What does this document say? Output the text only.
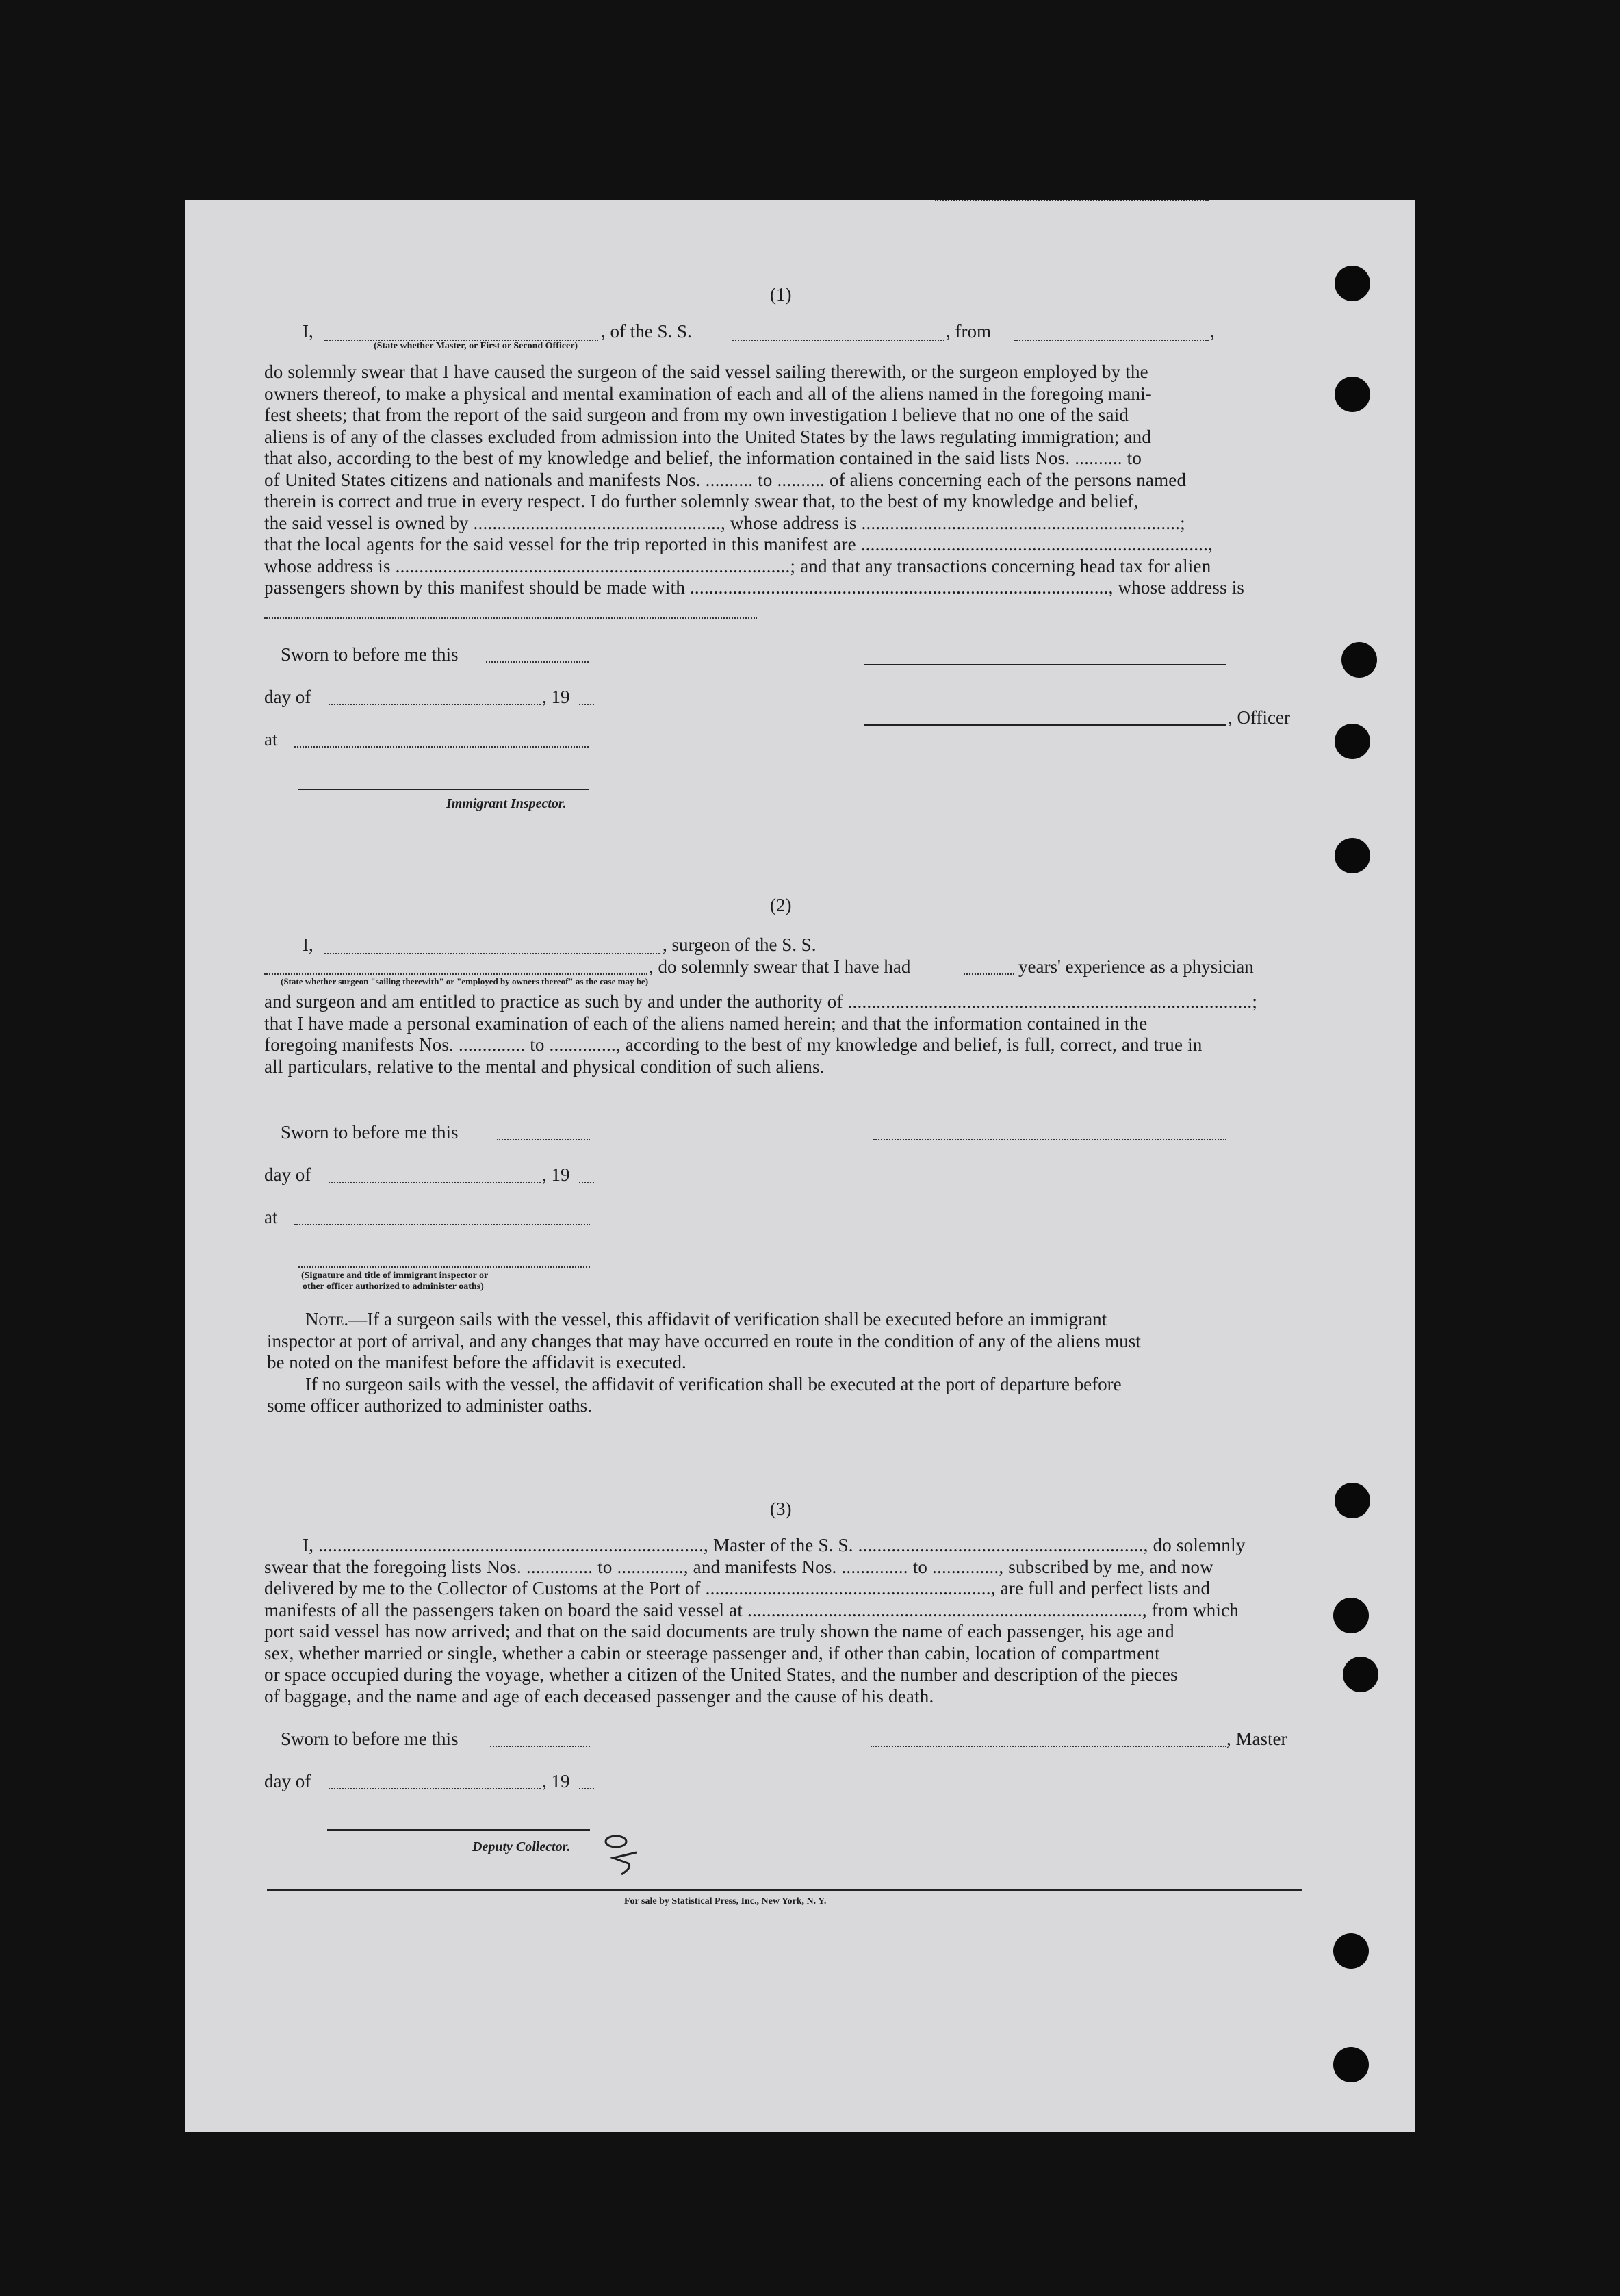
(1)
I,	, of the S. S.	, from	,
(State whether Master, or First or Second Officer)
do solemnly swear that I have caused the surgeon of the said vessel sailing therewith, or the surgeon employed by the
owners thereof, to make a physical and mental examination of each and all of the aliens named in the foregoing mani-
fest sheets; that from the report of the said surgeon and from my own investigation I believe that no one of the said
aliens is of any of the classes excluded from admission into the United States by the laws regulating immigration; and
that also, according to the best of my knowledge and belief, the information contained in the said lists Nos. .......... to
of United States citizens and nationals and manifests Nos. .......... to .......... of aliens concerning each of the persons named
therein is correct and true in every respect. I do further solemnly swear that, to the best of my knowledge and belief,
the said vessel is owned by ...................................................., whose address is ...................................................................;
that the local agents for the said vessel for the trip reported in this manifest are .........................................................................,
whose address is ...................................................................................; and that any transactions concerning head tax for alien
passengers shown by this manifest should be made with ........................................................................................, whose address is
Sworn to before me this
day of	, 19
, Officer
at
Immigrant Inspector.
(2)
I,	, surgeon of the S. S.
, do solemnly swear that I have had	years' experience as a physician
(State whether surgeon "sailing therewith" or "employed by owners thereof" as the case may be)
and surgeon and am entitled to practice as such by and under the authority of .....................................................................................;
that I have made a personal examination of each of the aliens named herein; and that the information contained in the
foregoing manifests Nos. .............. to .............., according to the best of my knowledge and belief, is full, correct, and true in
all particulars, relative to the mental and physical condition of such aliens.
Sworn to before me this
day of	, 19
at
(Signature and title of immigrant inspector or
other officer authorized to administer oaths)
Note.—If a surgeon sails with the vessel, this affidavit of verification shall be executed before an immigrant
inspector at port of arrival, and any changes that may have occurred en route in the condition of any of the aliens must
be noted on the manifest before the affidavit is executed.
If no surgeon sails with the vessel, the affidavit of verification shall be executed at the port of departure before
some officer authorized to administer oaths.
(3)
I, ................................................................................., Master of the S. S. ............................................................, do solemnly
swear that the foregoing lists Nos. .............. to .............., and manifests Nos. .............. to .............., subscribed by me, and now
delivered by me to the Collector of Customs at the Port of ............................................................, are full and perfect lists and
manifests of all the passengers taken on board the said vessel at ..................................................................................., from which
port said vessel has now arrived; and that on the said documents are truly shown the name of each passenger, his age and
sex, whether married or single, whether a cabin or steerage passenger and, if other than cabin, location of compartment
or space occupied during the voyage, whether a citizen of the United States, and the number and description of the pieces
of baggage, and the name and age of each deceased passenger and the cause of his death.
Sworn to before me this	, Master
day of	, 19
Deputy Collector.
For sale by Statistical Press, Inc., New York, N. Y.
